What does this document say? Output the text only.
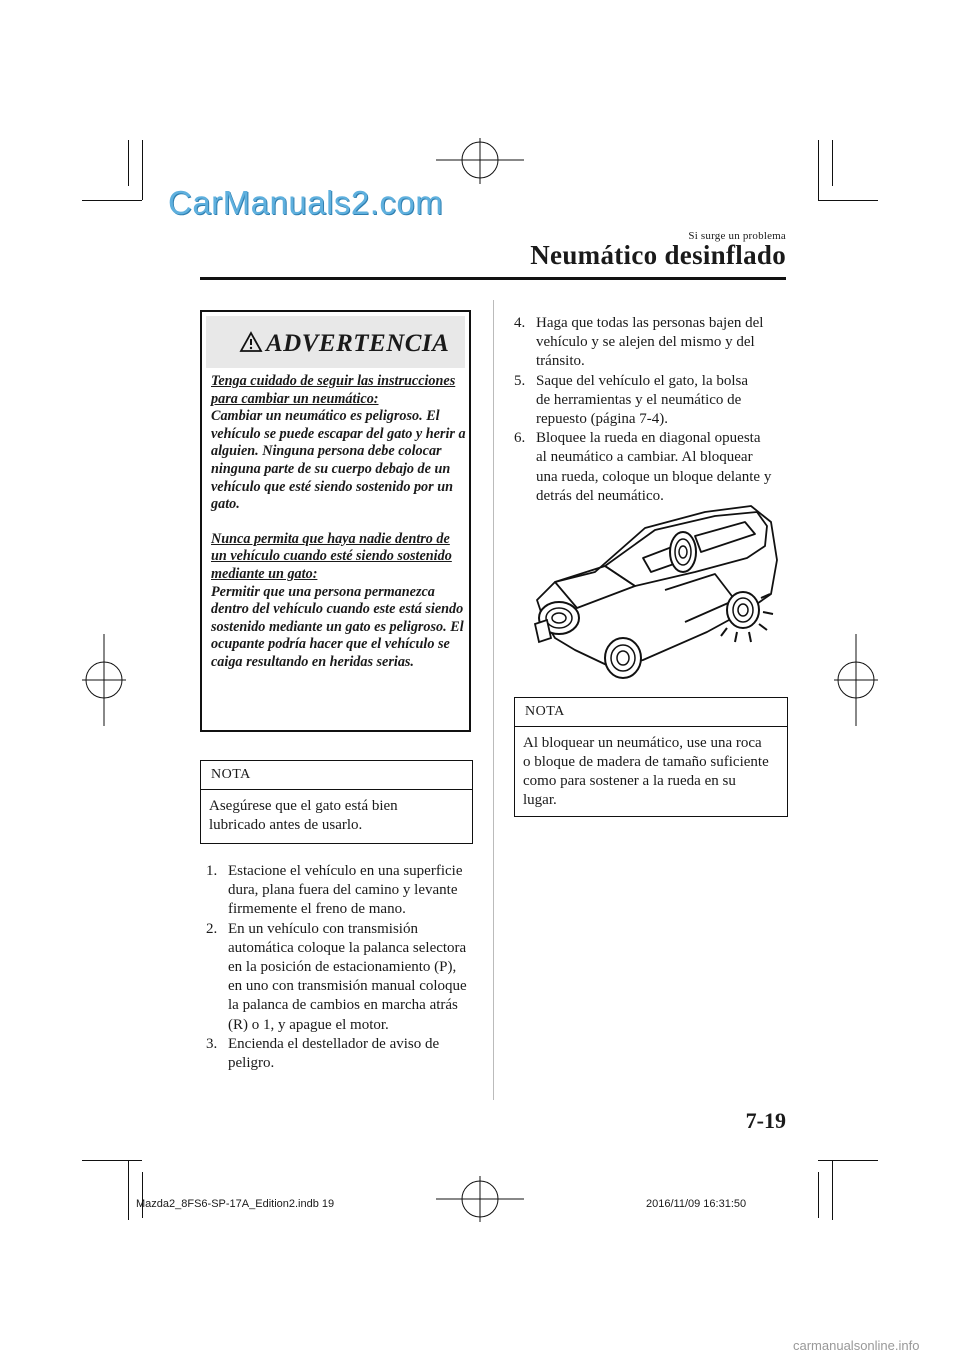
CarManuals2.com
Si surge un problema
Neumático desinflado
ADVERTENCIA

Tenga cuidado de seguir las instrucciones para cambiar un neumático:

Cambiar un neumático es peligroso. El vehículo se puede escapar del gato y herir a alguien. Ninguna persona debe colocar ninguna parte de su cuerpo debajo de un vehículo que esté siendo sostenido por un gato.

Nunca permita que haya nadie dentro de un vehículo cuando esté siendo sostenido mediante un gato:

Permitir que una persona permanezca dentro del vehículo cuando este está siendo sostenido mediante un gato es peligroso. El ocupante podría hacer que el vehículo se caiga resultando en heridas serias.

NOTA
Asegúrese que el gato está bien
lubricado antes de usarlo.
1. Estacione el vehículo en una superficie
dura, plana fuera del camino y levante
firmemente el freno de mano.
2. En un vehículo con transmisión
automática coloque la palanca selectora
en la posición de estacionamiento (P),
en uno con transmisión manual coloque
la palanca de cambios en marcha atrás
(R) o 1, y apague el motor.
3. Encienda el destellador de aviso de
peligro.
4. Haga que todas las personas bajen del
vehículo y se alejen del mismo y del
tránsito.
5. Saque del vehículo el gato, la bolsa
de herramientas y el neumático de
repuesto (página 7-4).
6. Bloquee la rueda en diagonal opuesta
al neumático a cambiar. Al bloquear
una rueda, coloque un bloque delante y
detrás del neumático.
NOTA
Al bloquear un neumático, use una roca
o bloque de madera de tamaño suficiente
como para sostener a la rueda en su
lugar.
7-19
Mazda2_8FS6-SP-17A_Edition2.indb 19	2016/11/09 16:31:50
carmanualsonline.info
